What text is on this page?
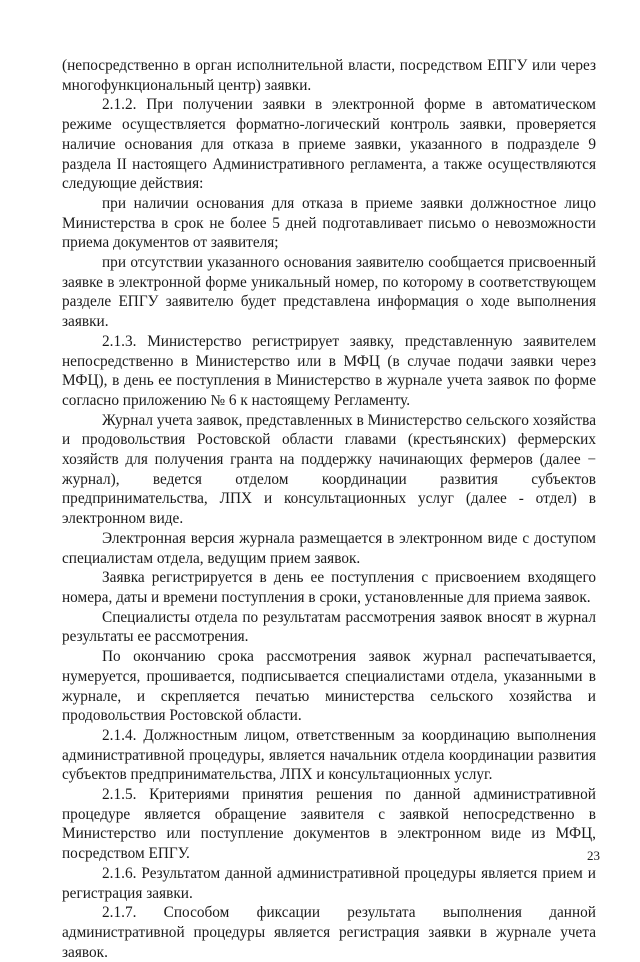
(непосредственно в орган исполнительной власти, посредством ЕПГУ или через многофункциональный центр) заявки.

2.1.2. При получении заявки в электронной форме в автоматическом режиме осуществляется форматно-логический контроль заявки, проверяется наличие основания для отказа в приеме заявки, указанного в подразделе 9 раздела II настоящего Административного регламента, а также осуществляются следующие действия:

при наличии основания для отказа в приеме заявки должностное лицо Министерства в срок не более 5 дней подготавливает письмо о невозможности приема документов от заявителя;

при отсутствии указанного основания заявителю сообщается присвоенный заявке в электронной форме уникальный номер, по которому в соответствующем разделе ЕПГУ заявителю будет представлена информация о ходе выполнения заявки.

2.1.3. Министерство регистрирует заявку, представленную заявителем непосредственно в Министерство или в МФЦ (в случае подачи заявки через МФЦ), в день ее поступления в Министерство в журнале учета заявок по форме согласно приложению № 6 к настоящему Регламенту.

Журнал учета заявок, представленных в Министерство сельского хозяйства и продовольствия Ростовской области главами (крестьянских) фермерских хозяйств для получения гранта на поддержку начинающих фермеров (далее − журнал), ведется отделом координации развития субъектов предпринимательства, ЛПХ и консультационных услуг (далее - отдел) в электронном виде.

Электронная версия журнала размещается в электронном виде с доступом специалистам отдела, ведущим прием заявок.

Заявка регистрируется в день ее поступления с присвоением входящего номера, даты и времени поступления в сроки, установленные для приема заявок.

Специалисты отдела по результатам рассмотрения заявок вносят в журнал результаты ее рассмотрения.

По окончанию срока рассмотрения заявок журнал распечатывается, нумеруется, прошивается, подписывается специалистами отдела, указанными в журнале, и скрепляется печатью министерства сельского хозяйства и продовольствия Ростовской области.

2.1.4. Должностным лицом, ответственным за координацию выполнения административной процедуры, является начальник отдела координации развития субъектов предпринимательства, ЛПХ и консультационных услуг.

2.1.5. Критериями принятия решения по данной административной процедуре является обращение заявителя с заявкой непосредственно в Министерство или поступление документов в электронном виде из МФЦ, посредством ЕПГУ.

2.1.6. Результатом данной административной процедуры является прием и регистрация заявки.

2.1.7. Способом фиксации результата выполнения данной административной процедуры является регистрация заявки в журнале учета заявок.

23
